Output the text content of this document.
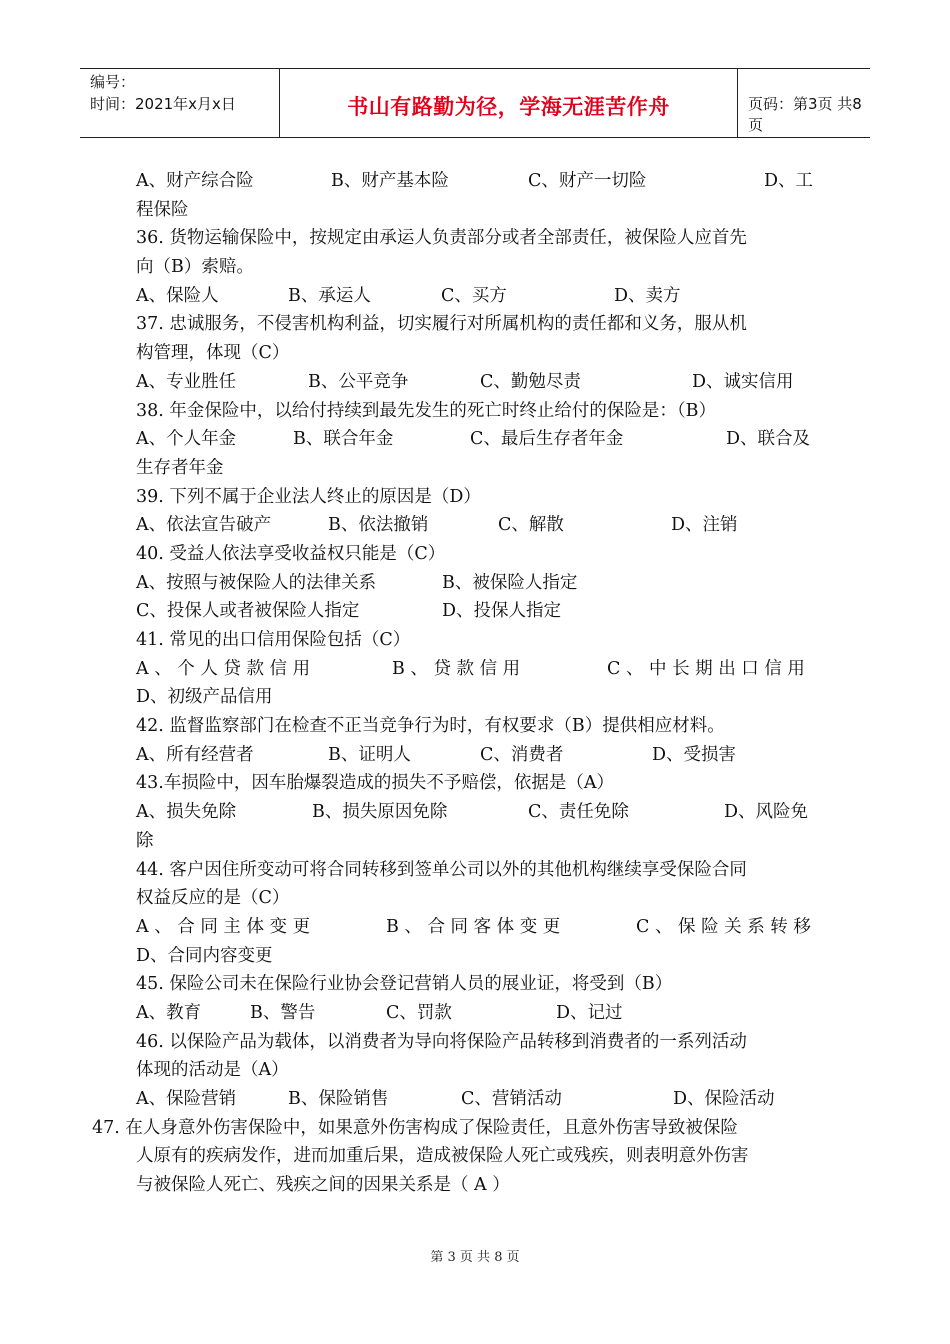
编号：
时间：2021年x月x日	书山有路勤为径，学海无涯苦作舟	页码：第3页 共8页
A、财产综合险	B、财产基本险	C、财产一切险	D、工
程保险
36. 货物运输保险中，按规定由承运人负责部分或者全部责任，被保险人应首先
向（B）索赔。
A、保险人	B、承运人	C、买方	D、卖方
37. 忠诚服务，不侵害机构利益，切实履行对所属机构的责任都和义务，服从机
构管理，体现（C）
A、专业胜任	B、公平竞争	C、勤勉尽责	D、诚实信用
38. 年金保险中，以给付持续到最先发生的死亡时终止给付的保险是：（B）
A、个人年金	B、联合年金	C、最后生存者年金	D、联合及
生存者年金
39. 下列不属于企业法人终止的原因是（D）
A、依法宣告破产	B、依法撤销	C、解散	D、注销
40. 受益人依法享受收益权只能是（C）
A、按照与被保险人的法律关系	B、被保险人指定
C、投保人或者被保险人指定	D、投保人指定
41. 常见的出口信用保险包括（C）
A 、 个 人 贷 款 信 用	B 、 贷 款 信 用	C 、 中 长 期 出 口 信 用
D、初级产品信用
42. 监督监察部门在检查不正当竞争行为时，有权要求（B）提供相应材料。
A、所有经营者	B、证明人	C、消费者	D、受损害
43.车损险中，因车胎爆裂造成的损失不予赔偿，依据是（A）
A、损失免除	B、损失原因免除	C、责任免除	D、风险免
除
44. 客户因住所变动可将合同转移到签单公司以外的其他机构继续享受保险合同
权益反应的是（C）
A 、 合 同 主 体 变 更	B 、 合 同 客 体 变 更	C 、 保 险 关 系 转 移
D、合同内容变更
45. 保险公司未在保险行业协会登记营销人员的展业证，将受到（B）
A、教育	B、警告	C、罚款	D、记过
46. 以保险产品为载体，以消费者为导向将保险产品转移到消费者的一系列活动
体现的活动是（A）
A、保险营销	B、保险销售	C、营销活动	D、保险活动
47. 在人身意外伤害保险中，如果意外伤害构成了保险责任，且意外伤害导致被保险
人原有的疾病发作，进而加重后果，造成被保险人死亡或残疾，则表明意外伤害
与被保险人死亡、残疾之间的因果关系是（ A ）
第 3 页 共 8 页
